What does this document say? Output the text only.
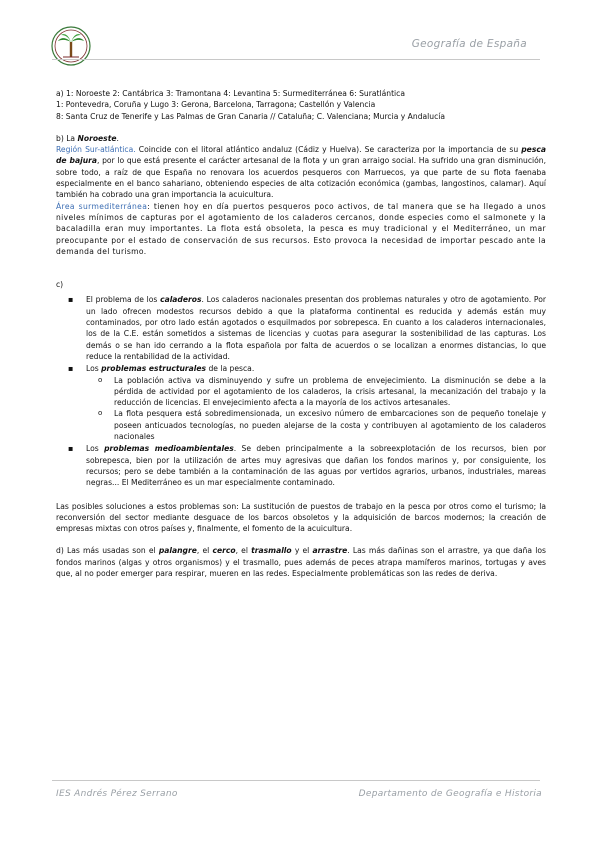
Geografía de España

a) 1: Noroeste 2: Cantábrica 3: Tramontana 4: Levantina 5: Surmediterránea 6: Suratlántica

1: Pontevedra, Coruña y Lugo 3: Gerona, Barcelona, Tarragona; Castellón y Valencia

8: Santa Cruz de Tenerife y Las Palmas de Gran Canaria // Cataluña; C. Valenciana; Murcia y Andalucía

b) La Noroeste.

Región Sur-atlántica. Coincide con el litoral atlántico andaluz (Cádiz y Huelva). Se caracteriza por la importancia de su pesca de bajura, por lo que está presente el carácter artesanal de la flota y un gran arraigo social. Ha sufrido una gran disminución, sobre todo, a raíz de que España no renovara los acuerdos pesqueros con Marruecos, ya que parte de su flota faenaba especialmente en el banco sahariano, obteniendo especies de alta cotización económica (gambas, langostinos, calamar). Aquí también ha cobrado una gran importancia la acuicultura.

Área surmediterránea: tienen hoy en día puertos pesqueros poco activos, de tal manera que se ha llegado a unos niveles mínimos de capturas por el agotamiento de los caladeros cercanos, donde especies como el salmonete y la bacaladilla eran muy importantes. La flota está obsoleta, la pesca es muy tradicional y el Mediterráneo, un mar preocupante por el estado de conservación de sus recursos. Esto provoca la necesidad de importar pescado ante la demanda del turismo.

c)

▪ El problema de los caladeros. Los caladeros nacionales presentan dos problemas naturales y otro de agotamiento. Por un lado ofrecen modestos recursos debido a que la plataforma continental es reducida y además están muy contaminados, por otro lado están agotados o esquilmados por sobrepesca. En cuanto a los caladeros internacionales, los de la C.E. están sometidos a sistemas de licencias y cuotas para asegurar la sostenibilidad de las capturas. Los demás o se han ido cerrando a la flota española por falta de acuerdos o se localizan a enormes distancias, lo que reduce la rentabilidad de la actividad.
▪ Los problemas estructurales de la pesca.
o La población activa va disminuyendo y sufre un problema de envejecimiento. La disminución se debe a la pérdida de actividad por el agotamiento de los caladeros, la crisis artesanal, la mecanización del trabajo y la reducción de licencias. El envejecimiento afecta a la mayoría de los activos artesanales.
o La flota pesquera está sobredimensionada, un excesivo número de embarcaciones son de pequeño tonelaje y poseen anticuados tecnologías, no pueden alejarse de la costa y contribuyen al agotamiento de los caladeros nacionales
▪ Los problemas medioambientales. Se deben principalmente a la sobreexplotación de los recursos, bien por sobrepesca, bien por la utilización de artes muy agresivas que dañan los fondos marinos y, por consiguiente, los recursos; pero se debe también a la contaminación de las aguas por vertidos agrarios, urbanos, industriales, mareas negras... El Mediterráneo es un mar especialmente contaminado.

Las posibles soluciones a estos problemas son: La sustitución de puestos de trabajo en la pesca por otros como el turismo; la reconversión del sector mediante desguace de los barcos obsoletos y la adquisición de barcos modernos; la creación de empresas mixtas con otros países y, finalmente, el fomento de la acuicultura.

d) Las más usadas son el palangre, el cerco, el trasmallo y el arrastre. Las más dañinas son el arrastre, ya que daña los fondos marinos (algas y otros organismos) y el trasmallo, pues además de peces atrapa mamíferos marinos, tortugas y aves que, al no poder emerger para respirar, mueren en las redes. Especialmente problemáticas son las redes de deriva.

IES Andrés Pérez Serrano	Departamento de Geografía e Historia
